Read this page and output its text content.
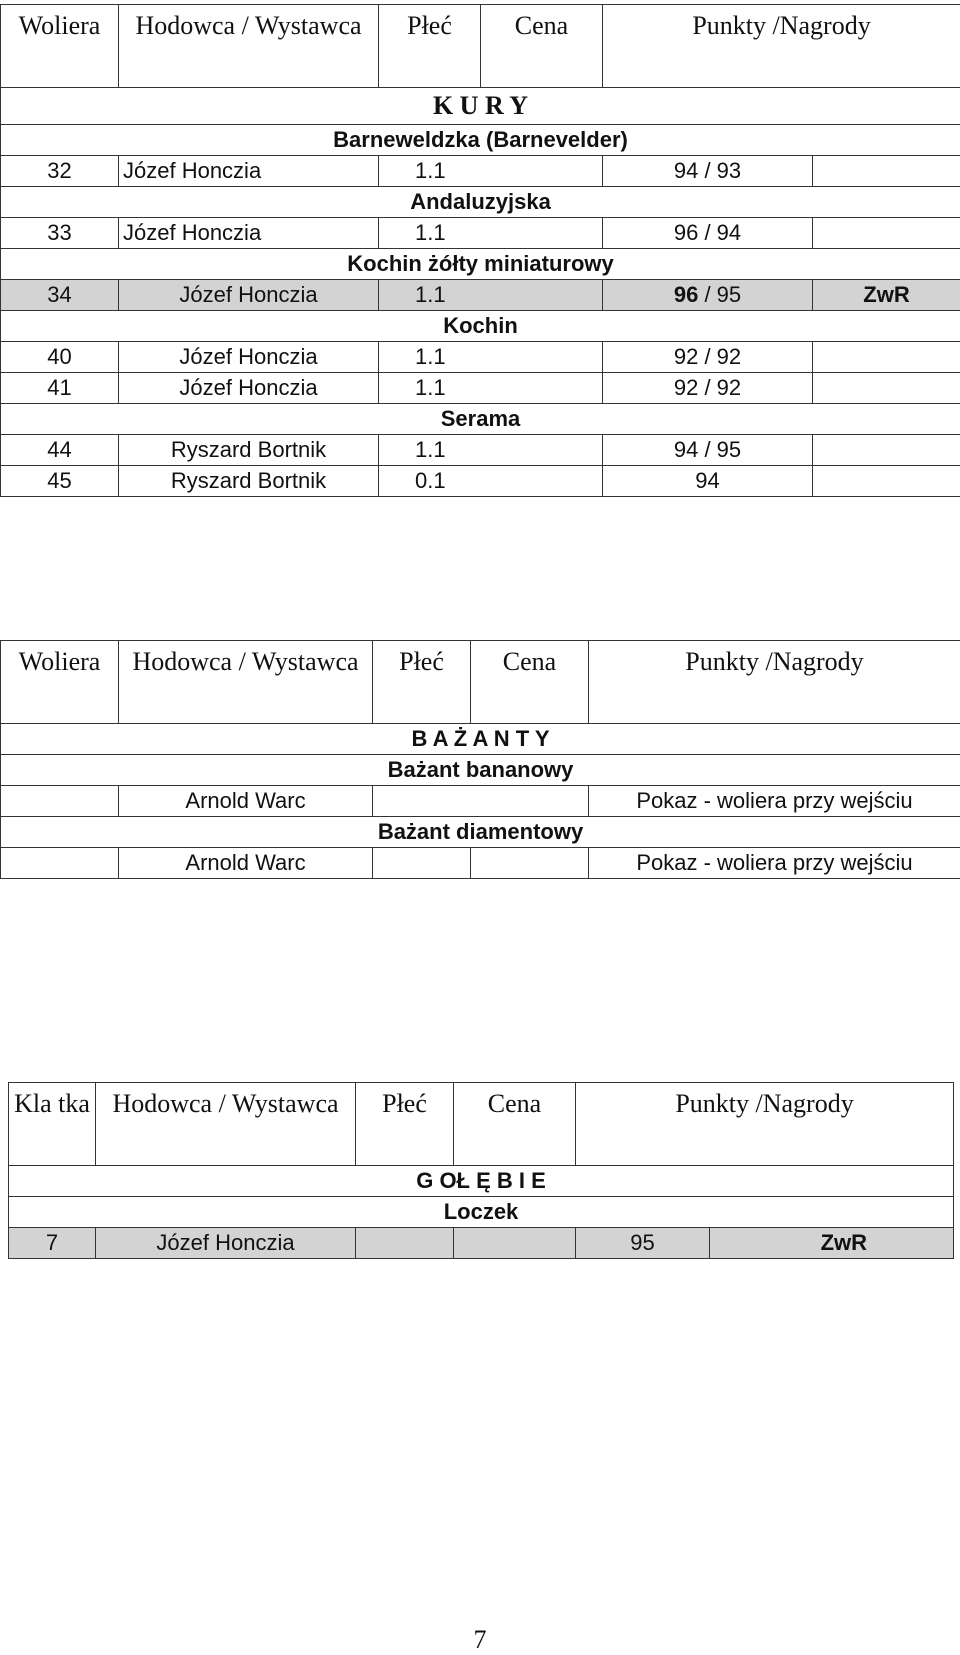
Woliera	Hodowca / Wystawca	Płeć	Cena	Punkty /Nagrody	
K U R Y					
Barneweldzka (Barnevelder)					
32	Józef Honczia	1.1		94 / 93	
Andaluzyjska					
33	Józef Honczia	1.1		96 / 94	
Kochin żółty miniaturowy					
34	Józef Honczia	1.1		96 / 95	ZwR
Kochin					
40	Józef Honczia	1.1		92 / 92	
41	Józef Honczia	1.1		92 / 92	
Serama					
44	Ryszard Bortnik	1.1		94 / 95	
45	Ryszard Bortnik	0.1		94	
Woliera	Hodowca / Wystawca	Płeć	Cena	Punkty /Nagrody
B A Ż A N T Y				
Bażant bananowy				
	Arnold Warc			Pokaz - woliera przy wejściu
Bażant diamentowy				
	Arnold Warc			Pokaz - woliera przy wejściu
Kla tka	Hodowca / Wystawca	Płeć	Cena	Punkty /Nagrody	
G OŁ Ę B I E					
Loczek					
7	Józef Honczia			95	ZwR
7
